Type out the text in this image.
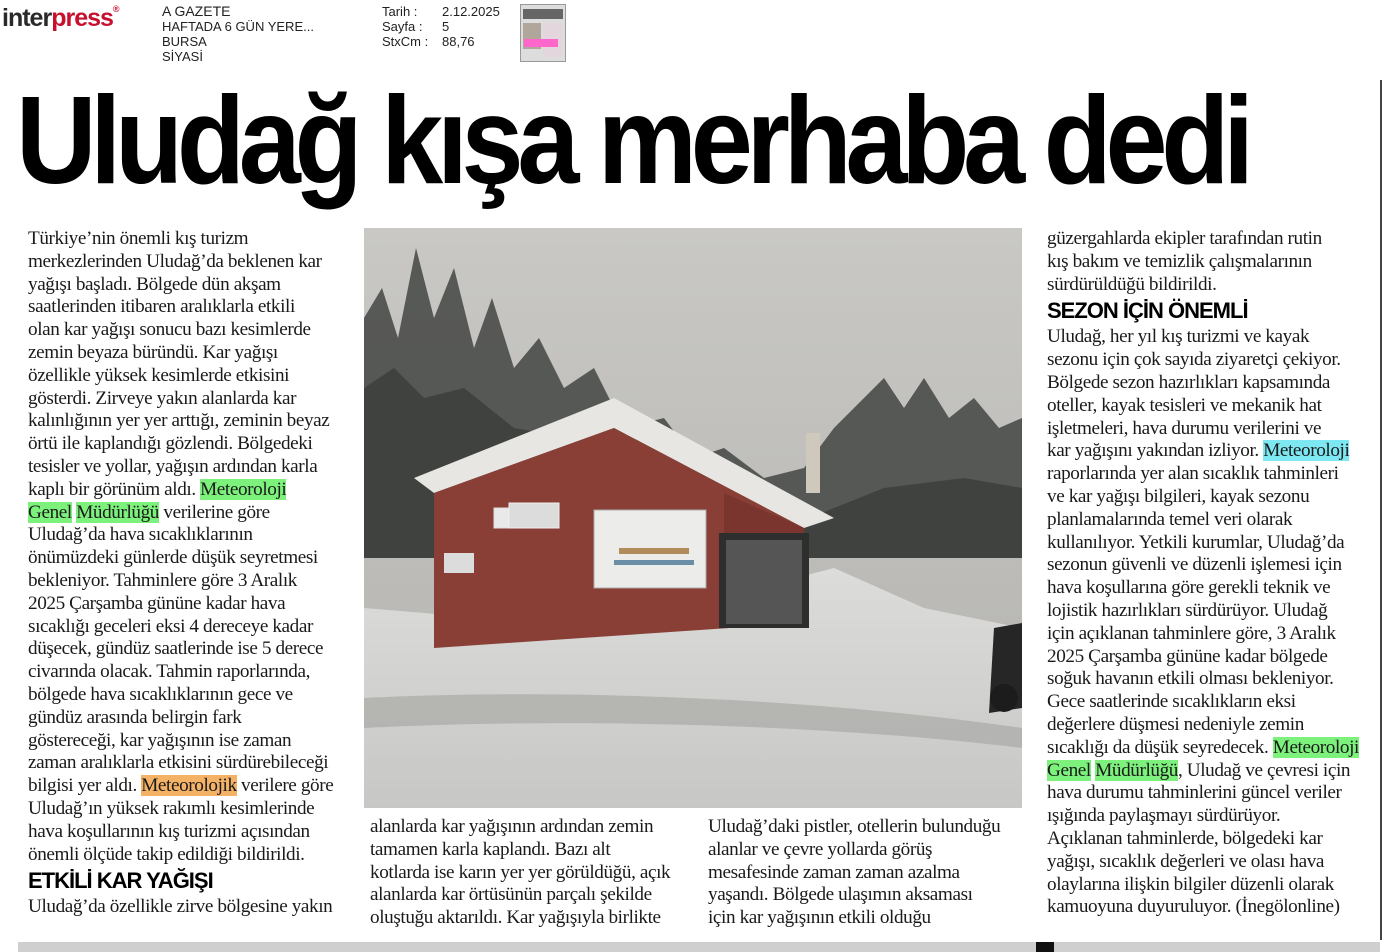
interpress®	A GAZETE
HAFTADA 6 GÜN YERE...
BURSA
SİYASİ
Tarih :	2.12.2025
Sayfa :	5
StxCm :	88,76
Uludağ kışa merhaba dedi
Türkiye’nin önemli kış turizm
merkezlerinden Uludağ’da beklenen kar
yağışı başladı. Bölgede dün akşam
saatlerinden itibaren aralıklarla etkili
olan kar yağışı sonucu bazı kesimlerde
zemin beyaza büründü. Kar yağışı
özellikle yüksek kesimlerde etkisini
gösterdi. Zirveye yakın alanlarda kar
kalınlığının yer yer arttığı, zeminin beyaz
örtü ile kaplandığı gözlendi. Bölgedeki
tesisler ve yollar, yağışın ardından karla
kaplı bir görünüm aldı. Meteoroloji
Genel Müdürlüğü verilerine göre
Uludağ’da hava sıcaklıklarının
önümüzdeki günlerde düşük seyretmesi
bekleniyor. Tahminlere göre 3 Aralık
2025 Çarşamba gününe kadar hava
sıcaklığı geceleri eksi 4 dereceye kadar
düşecek, gündüz saatlerinde ise 5 derece
civarında olacak. Tahmin raporlarında,
bölgede hava sıcaklıklarının gece ve
gündüz arasında belirgin fark
göstereceği, kar yağışının ise zaman
zaman aralıklarla etkisini sürdürebileceği
bilgisi yer aldı. Meteorolojik verilere göre
Uludağ’ın yüksek rakımlı kesimlerinde
hava koşullarının kış turizmi açısından
önemli ölçüde takip edildiği bildirildi.
ETKİLİ KAR YAĞIŞI
Uludağ’da özellikle zirve bölgesine yakın
alanlarda kar yağışının ardından zemin
tamamen karla kaplandı. Bazı alt
kotlarda ise karın yer yer görüldüğü, açık
alanlarda kar örtüsünün parçalı şekilde
oluştuğu aktarıldı. Kar yağışıyla birlikte
Uludağ’daki pistler, otellerin bulunduğu
alanlar ve çevre yollarda görüş
mesafesinde zaman zaman azalma
yaşandı. Bölgede ulaşımın aksaması
için kar yağışının etkili olduğu
güzergahlarda ekipler tarafından rutin
kış bakım ve temizlik çalışmalarının
sürdürüldüğü bildirildi.
SEZON İÇİN ÖNEMLİ
Uludağ, her yıl kış turizmi ve kayak
sezonu için çok sayıda ziyaretçi çekiyor.
Bölgede sezon hazırlıkları kapsamında
oteller, kayak tesisleri ve mekanik hat
işletmeleri, hava durumu verilerini ve
kar yağışını yakından izliyor. Meteoroloji
raporlarında yer alan sıcaklık tahminleri
ve kar yağışı bilgileri, kayak sezonu
planlamalarında temel veri olarak
kullanılıyor. Yetkili kurumlar, Uludağ’da
sezonun güvenli ve düzenli işlemesi için
hava koşullarına göre gerekli teknik ve
lojistik hazırlıkları sürdürüyor. Uludağ
için açıklanan tahminlere göre, 3 Aralık
2025 Çarşamba gününe kadar bölgede
soğuk havanın etkili olması bekleniyor.
Gece saatlerinde sıcaklıkların eksi
değerlere düşmesi nedeniyle zemin
sıcaklığı da düşük seyredecek. Meteoroloji
Genel Müdürlüğü, Uludağ ve çevresi için
hava durumu tahminlerini güncel veriler
ışığında paylaşmayı sürdürüyor.
Açıklanan tahminlerde, bölgedeki kar
yağışı, sıcaklık değerleri ve olası hava
olaylarına ilişkin bilgiler düzenli olarak
kamuoyuna duyuruluyor. (İnegölonline)
